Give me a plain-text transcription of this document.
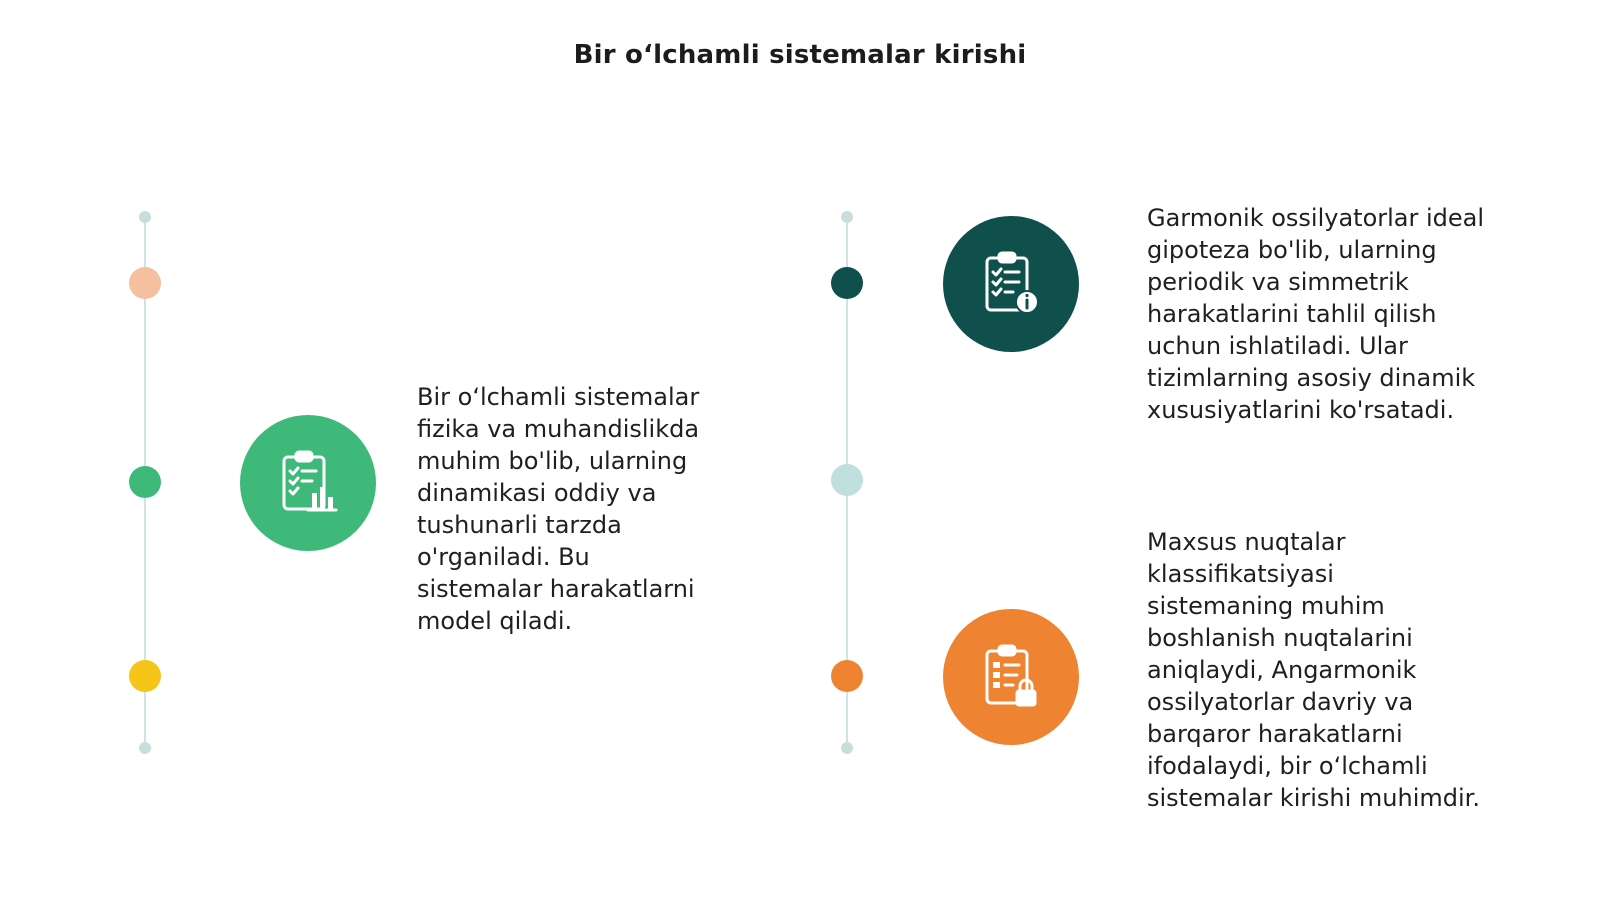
Bir o‘lchamli sistemalar kirishi
Bir o‘lchamli sistemalar
fizika va muhandislikda
muhim bo'lib, ularning
dinamikasi oddiy va
tushunarli tarzda
o'rganiladi. Bu
sistemalar harakatlarni
model qiladi.
Garmonik ossilyatorlar ideal
gipoteza bo'lib, ularning
periodik va simmetrik
harakatlarini tahlil qilish
uchun ishlatiladi. Ular
tizimlarning asosiy dinamik
xususiyatlarini ko'rsatadi.
Maxsus nuqtalar
klassifikatsiyasi
sistemaning muhim
boshlanish nuqtalarini
aniqlaydi, Angarmonik
ossilyatorlar davriy va
barqaror harakatlarni
ifodalaydi, bir o‘lchamli
sistemalar kirishi muhimdir.
